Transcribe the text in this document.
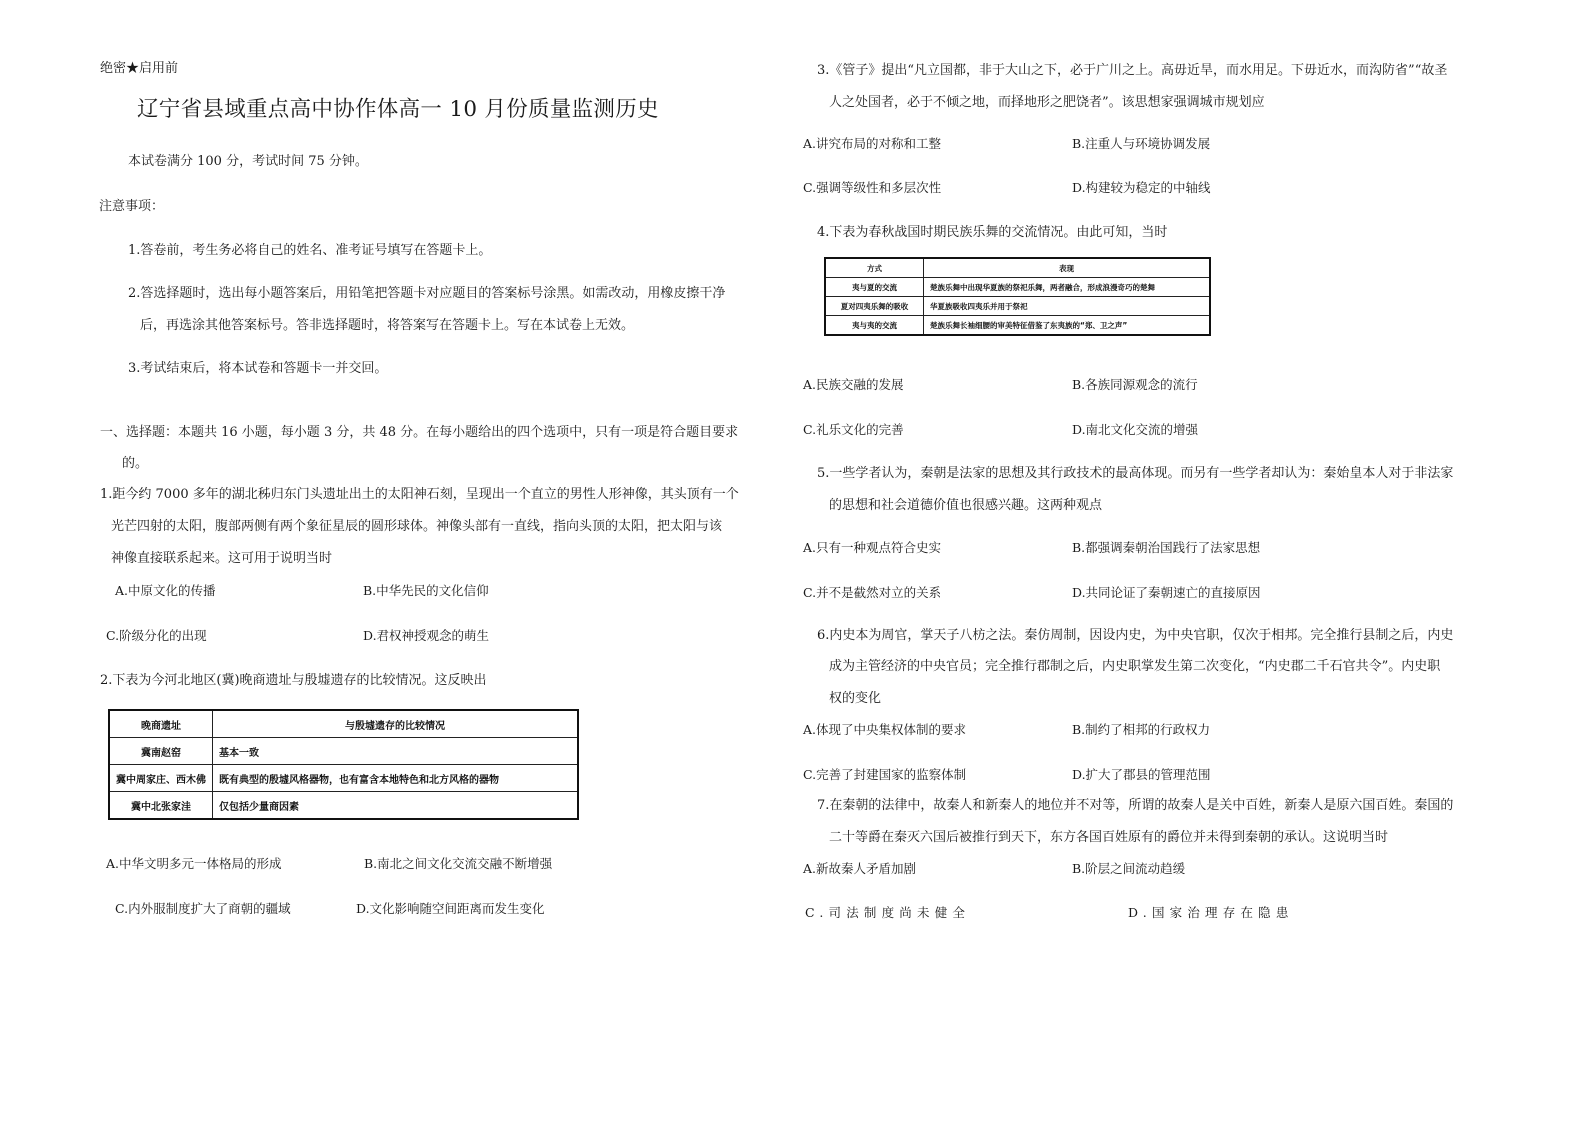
绝密★启用前
辽宁省县域重点高中协作体高一 10 月份质量监测历史
本试卷满分 100 分，考试时间 75 分钟。
注意事项：
1.答卷前，考生务必将自己的姓名、准考证号填写在答题卡上。
2.答选择题时，选出每小题答案后，用铅笔把答题卡对应题目的答案标号涂黑。如需改动，用橡皮擦干净
后，再选涂其他答案标号。答非选择题时，将答案写在答题卡上。写在本试卷上无效。
3.考试结束后，将本试卷和答题卡一并交回。
一、选择题：本题共 16 小题，每小题 3 分，共 48 分。在每小题给出的四个选项中，只有一项是符合题目要求
的。
1.距今约 7000 多年的湖北秭归东门头遗址出土的太阳神石刻，呈现出一个直立的男性人形神像，其头顶有一个
光芒四射的太阳，腹部两侧有两个象征星辰的圆形球体。神像头部有一直线，指向头顶的太阳，把太阳与该
神像直接联系起来。这可用于说明当时
A.中原文化的传播	B.中华先民的文化信仰
C.阶级分化的出现	D.君权神授观念的萌生
2.下表为今河北地区(冀)晚商遗址与殷墟遗存的比较情况。这反映出
晚商遗址	与殷墟遗存的比较情况
冀南赵窑	基本一致
冀中周家庄、西木佛	既有典型的殷墟风格器物，也有富含本地特色和北方风格的器物
冀中北张家洼	仅包括少量商因素
A.中华文明多元一体格局的形成	B.南北之间文化交流交融不断增强
C.内外服制度扩大了商朝的疆域	D.文化影响随空间距离而发生变化
3.《管子》提出“凡立国都，非于大山之下，必于广川之上。高毋近旱，而水用足。下毋近水，而沟防省”“故圣
人之处国者，必于不倾之地，而择地形之肥饶者”。该思想家强调城市规划应
A.讲究布局的对称和工整	B.注重人与环境协调发展
C.强调等级性和多层次性	D.构建较为稳定的中轴线
4.下表为春秋战国时期民族乐舞的交流情况。由此可知，当时
方式	表现
夷与夏的交流	楚族乐舞中出现华夏族的祭祀乐舞，两者融合，形成浪漫奇巧的楚舞
夏对四夷乐舞的吸收	华夏族吸收四夷乐并用于祭祀
夷与夷的交流	楚族乐舞长袖细腰的审美特征借鉴了东夷族的“郑、卫之声”
A.民族交融的发展	B.各族同源观念的流行
C.礼乐文化的完善	D.南北文化交流的增强
5.一些学者认为，秦朝是法家的思想及其行政技术的最高体现。而另有一些学者却认为：秦始皇本人对于非法家
的思想和社会道德价值也很感兴趣。这两种观点
A.只有一种观点符合史实	B.都强调秦朝治国践行了法家思想
C.并不是截然对立的关系	D.共同论证了秦朝速亡的直接原因
6.内史本为周官，掌天子八枋之法。秦仿周制，因设内史，为中央官职，仅次于相邦。完全推行县制之后，内史
成为主管经济的中央官员；完全推行郡制之后，内史职掌发生第二次变化，“内史郡二千石官共令”。内史职
权的变化
A.体现了中央集权体制的要求	B.制约了相邦的行政权力
C.完善了封建国家的监察体制	D.扩大了郡县的管理范围
7.在秦朝的法律中，故秦人和新秦人的地位并不对等，所谓的故秦人是关中百姓，新秦人是原六国百姓。秦国的
二十等爵在秦灭六国后被推行到天下，东方各国百姓原有的爵位并未得到秦朝的承认。这说明当时
A.新故秦人矛盾加剧	B.阶层之间流动趋缓
C.司法制度尚未健全	D.国家治理存在隐患
